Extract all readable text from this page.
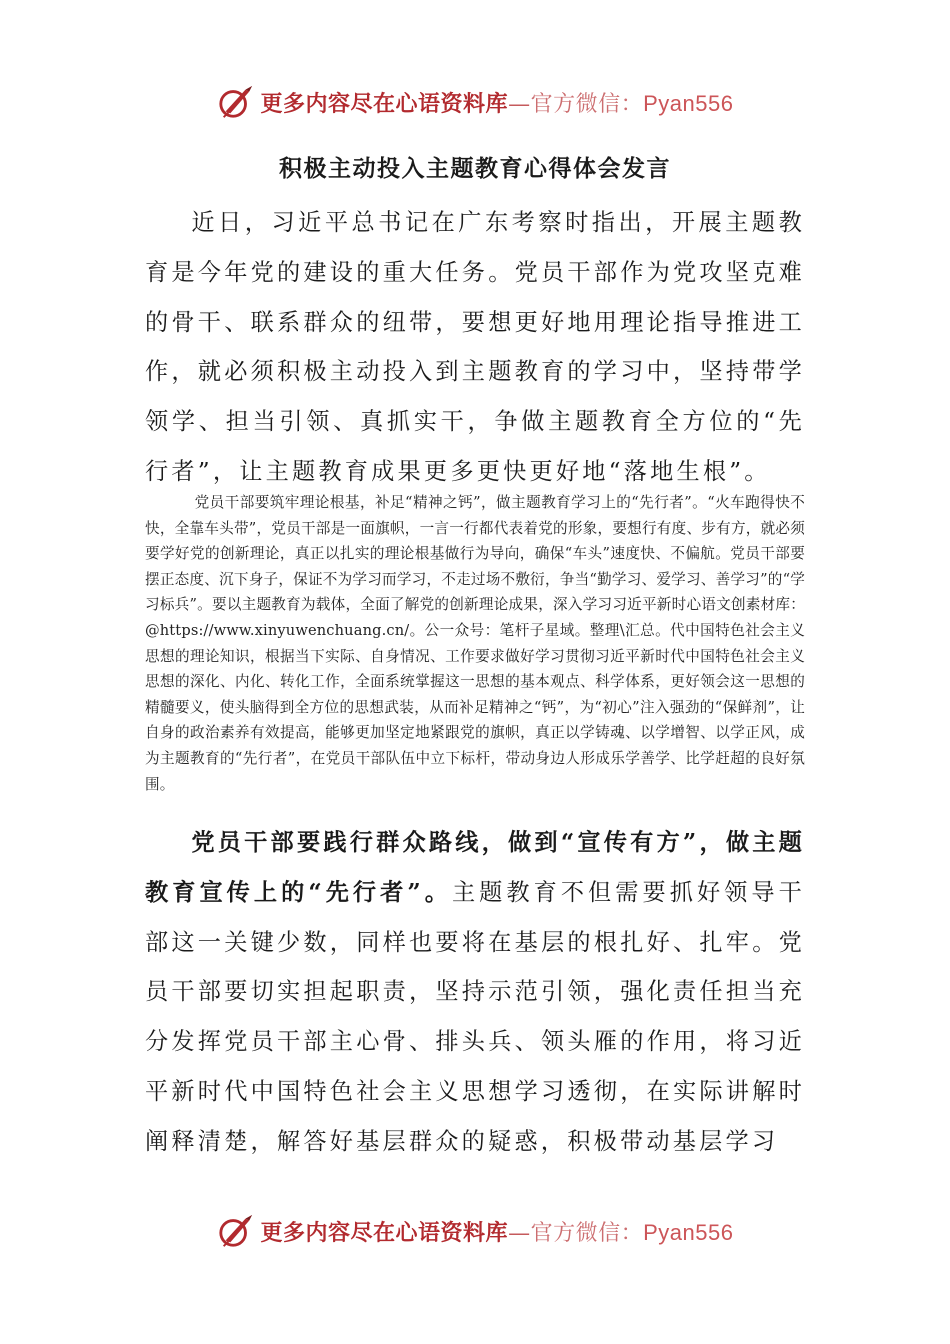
更多内容尽在心语资料库—官方微信：Pyan556
积极主动投入主题教育心得体会发言

近日，习近平总书记在广东考察时指出，开展主题教育是今年党的建设的重大任务。党员干部作为党攻坚克难的骨干、联系群众的纽带，要想更好地用理论指导推进工作，就必须积极主动投入到主题教育的学习中，坚持带学领学、担当引领、真抓实干，争做主题教育全方位的“先行者”，让主题教育成果更多更快更好地“落地生根”。

党员干部要筑牢理论根基，补足“精神之钙”，做主题教育学习上的“先行者”。“火车跑得快不快，全靠车头带”，党员干部是一面旗帜，一言一行都代表着党的形象，要想行有度、步有方，就必须要学好党的创新理论，真正以扎实的理论根基做行为导向，确保“车头”速度快、不偏航。党员干部要摆正态度、沉下身子，保证不为学习而学习，不走过场不敷衍，争当“勤学习、爱学习、善学习”的“学习标兵”。要以主题教育为载体，全面了解党的创新理论成果，深入学习习近平新时心语文创素材库：@https://www.xinyuwenchuang.cn/。公一众号：笔杆子星域。整理\汇总。代中国特色社会主义思想的理论知识，根据当下实际、自身情况、工作要求做好学习贯彻习近平新时代中国特色社会主义思想的深化、内化、转化工作，全面系统掌握这一思想的基本观点、科学体系，更好领会这一思想的精髓要义，使头脑得到全方位的思想武装，从而补足精神之“钙”，为“初心”注入强劲的“保鲜剂”，让自身的政治素养有效提高，能够更加坚定地紧跟党的旗帜，真正以学铸魂、以学增智、以学正风，成为主题教育的“先行者”，在党员干部队伍中立下标杆，带动身边人形成乐学善学、比学赶超的良好氛围。

党员干部要践行群众路线，做到“宣传有方”，做主题教育宣传上的“先行者”。主题教育不但需要抓好领导干部这一关键少数，同样也要将在基层的根扎好、扎牢。党员干部要切实担起职责，坚持示范引领，强化责任担当充分发挥党员干部主心骨、排头兵、领头雁的作用，将习近平新时代中国特色社会主义思想学习透彻，在实际讲解时阐释清楚，解答好基层群众的疑惑，积极带动基层学习

更多内容尽在心语资料库—官方微信：Pyan556
